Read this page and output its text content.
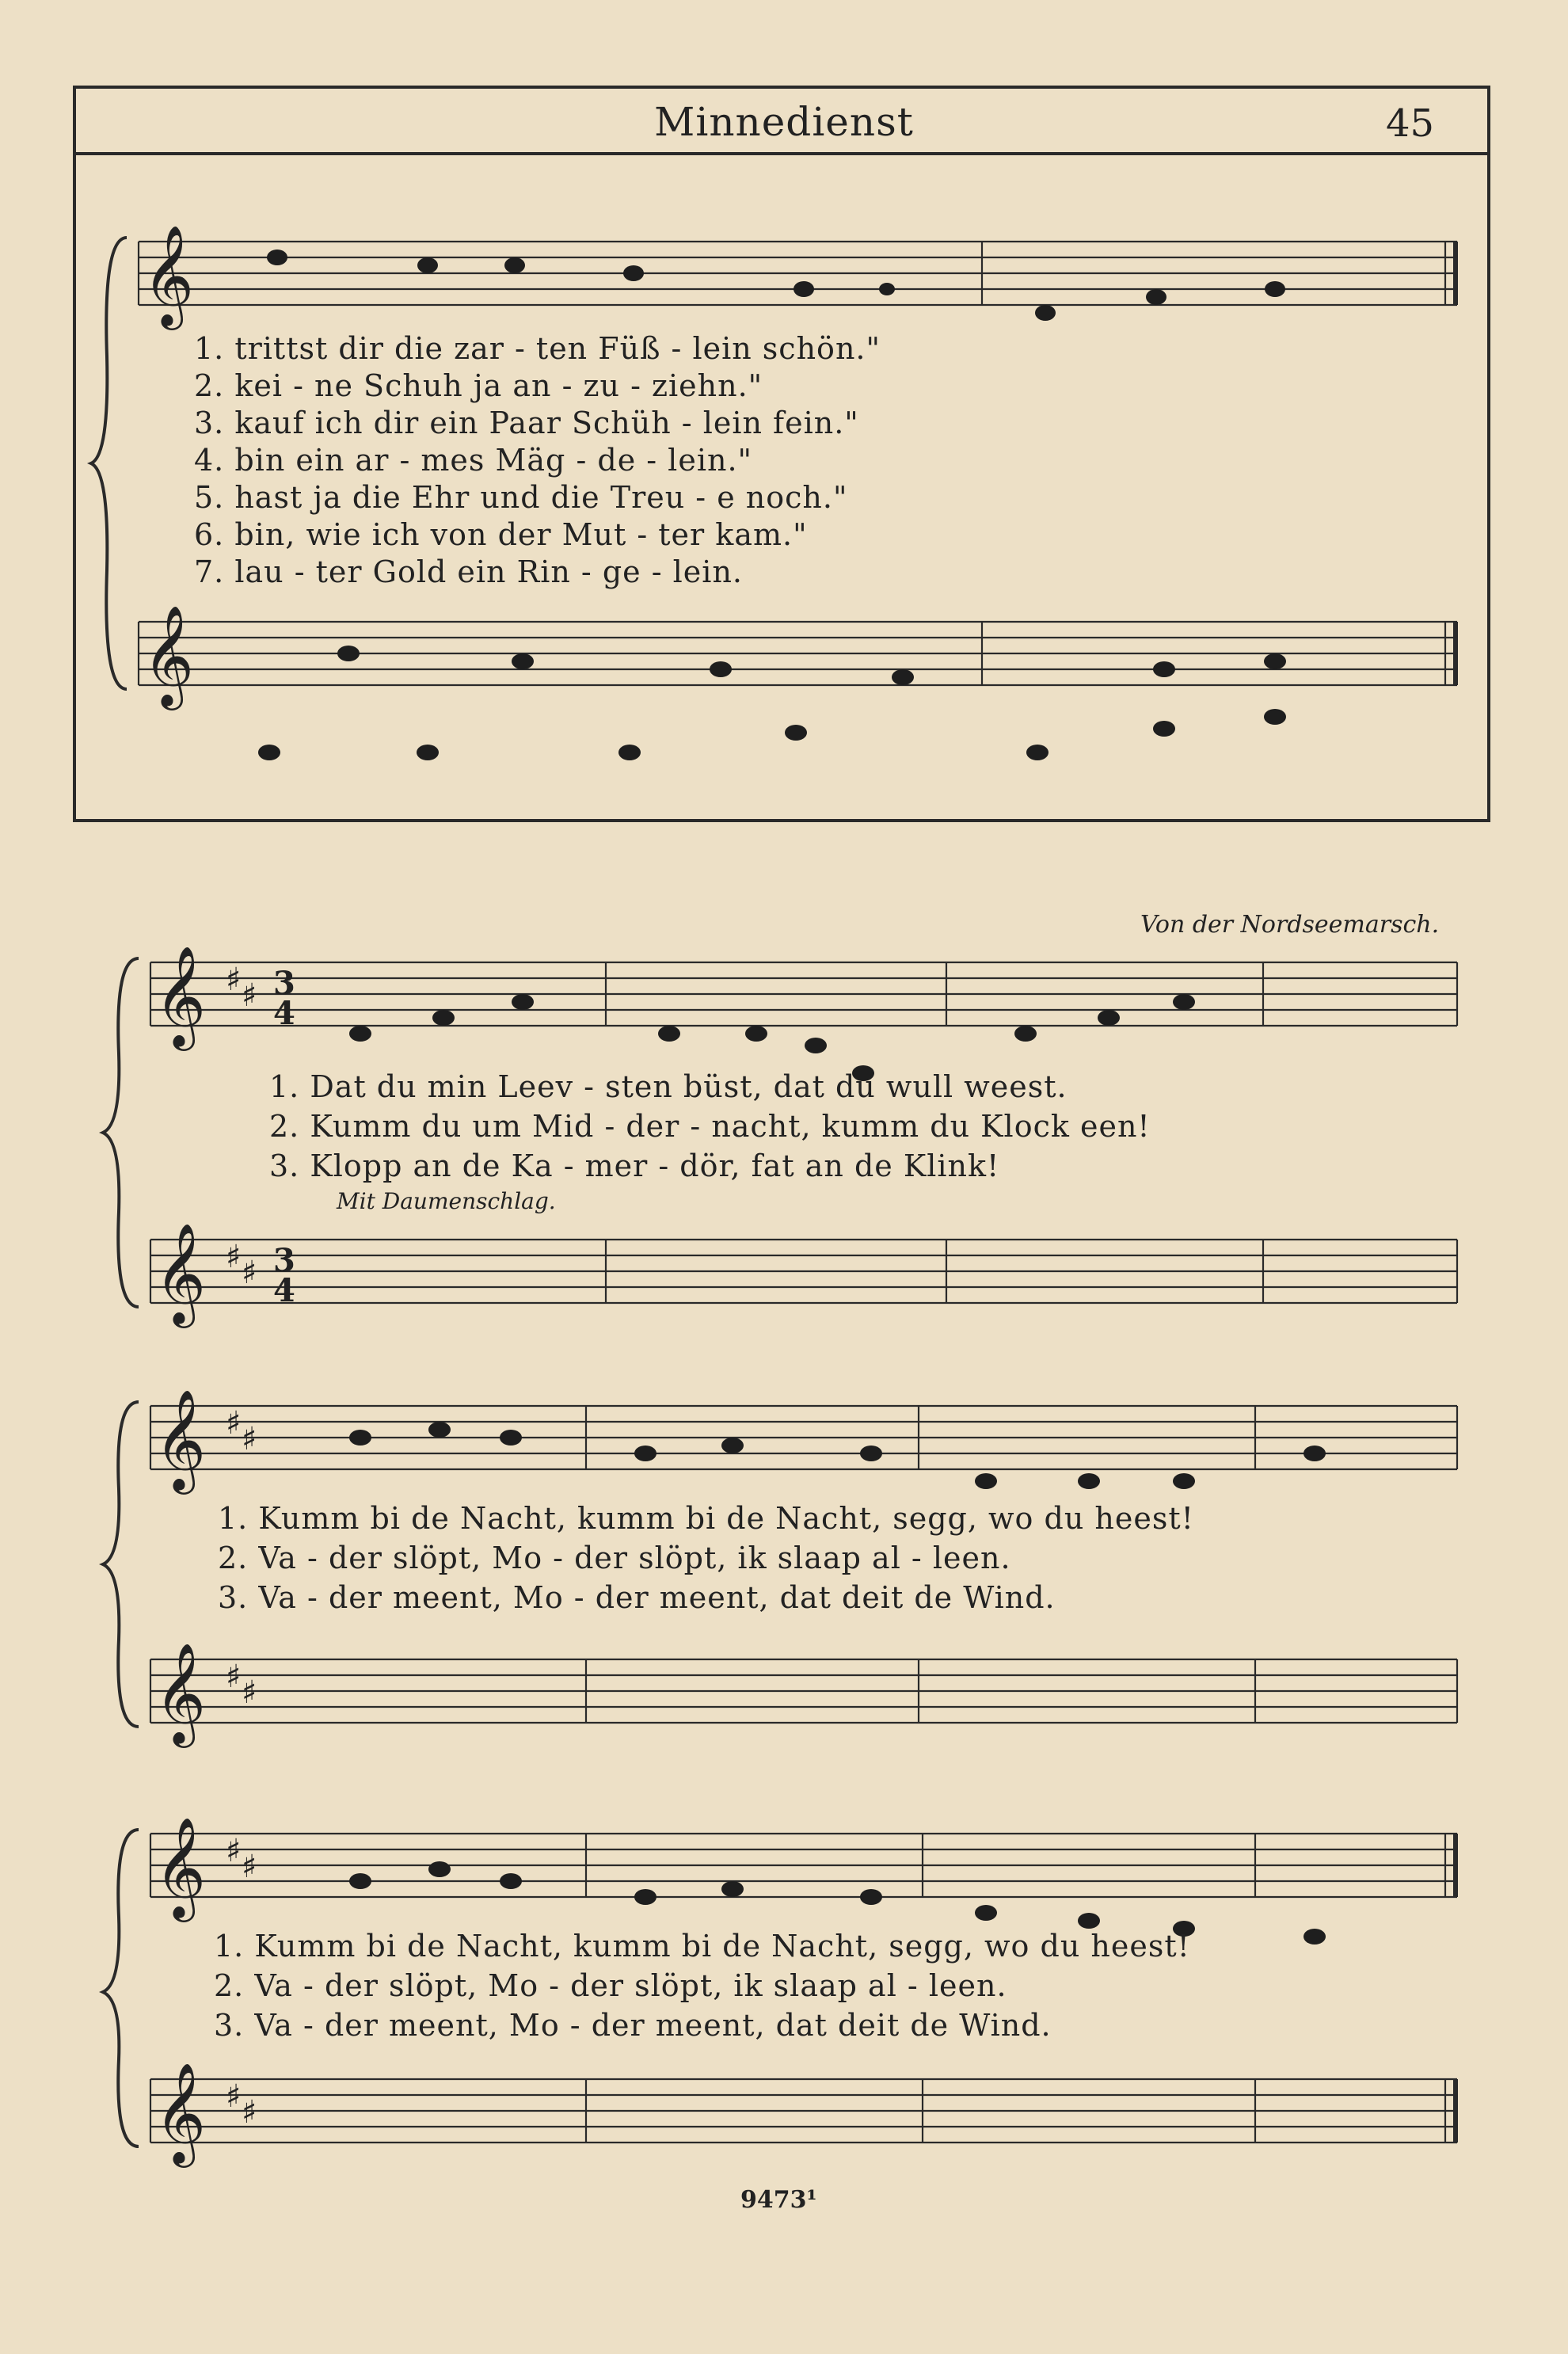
Minnedienst	45
𝄞
𝄞
𝄞
𝄞
𝄞
𝄞
𝄞
𝄞
♯ ♯ 3
4
♯ ♯ 3
4
♯ ♯
♯ ♯
♯ ♯
♯ ♯
1. trittst dir die zar - ten Füß - lein schön."
2. kei - ne Schuh ja an - zu - ziehn."
3. kauf ich dir ein Paar Schüh - lein fein."
4. bin ein ar - mes Mäg - de - lein."
5. hast ja die Ehr und die Treu - e noch."
6. bin, wie ich von der Mut - ter kam."
7. lau - ter Gold ein Rin - ge - lein.
Von der Nordseemarsch.
1. Dat du min Leev - sten büst, dat du wull weest.
2. Kumm du um Mid - der - nacht, kumm du Klock een!
3. Klopp an de Ka - mer - dör, fat an de Klink!
Mit Daumenschlag.
1. Kumm bi de Nacht, kumm bi de Nacht, segg, wo du heest!
2. Va - der slöpt, Mo - der slöpt, ik slaap al - leen.
3. Va - der meent, Mo - der meent, dat deit de Wind.
1. Kumm bi de Nacht, kumm bi de Nacht, segg, wo du heest!
2. Va - der slöpt, Mo - der slöpt, ik slaap al - leen.
3. Va - der meent, Mo - der meent, dat deit de Wind.
9473¹
